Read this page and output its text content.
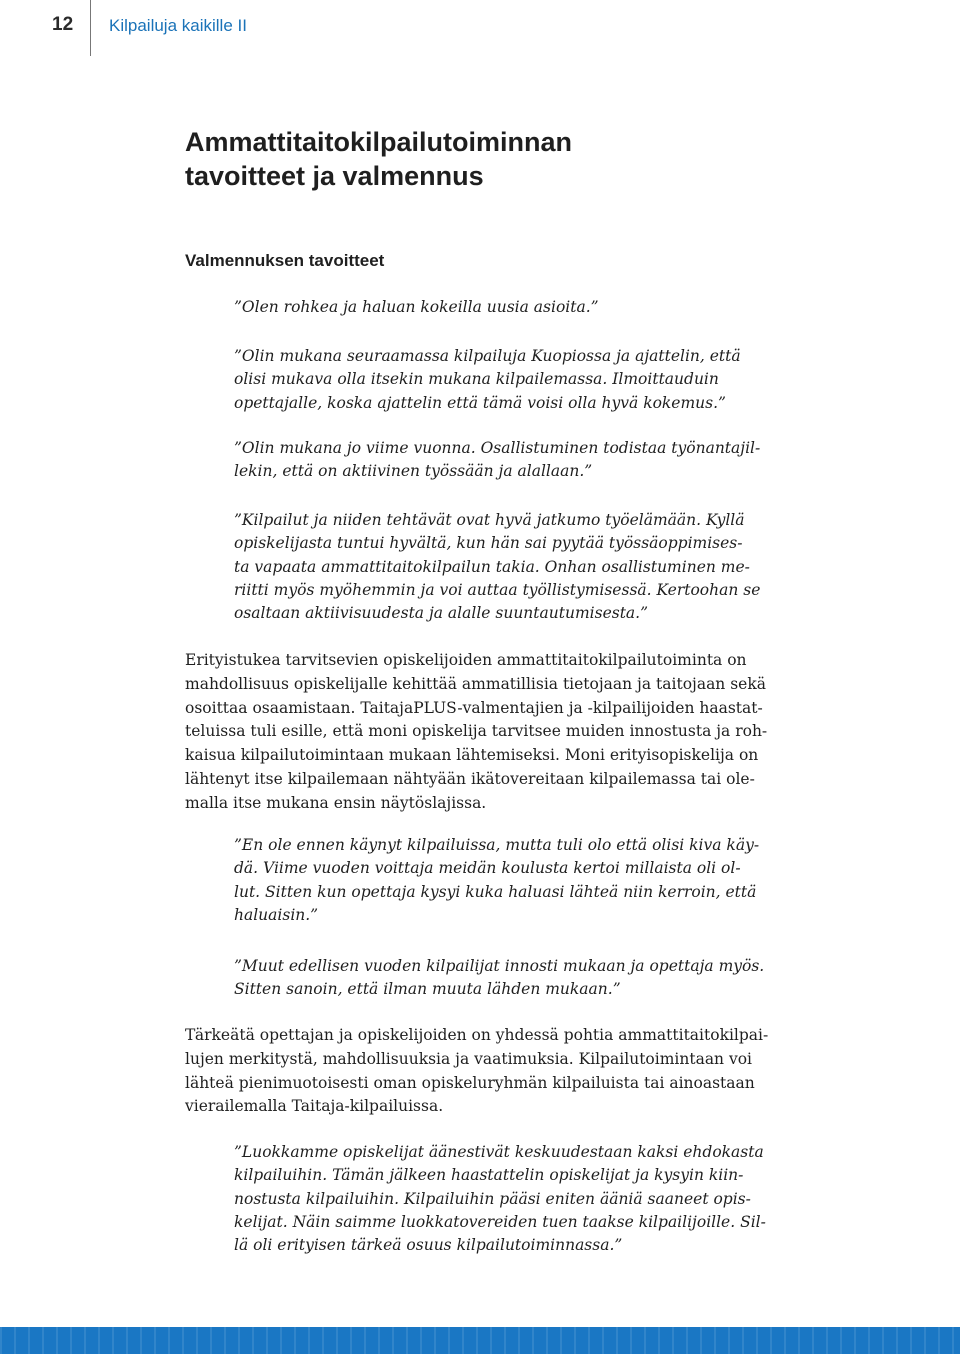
12 Kilpailuja kaikille II
Ammattitaitokilpailutoiminnan
tavoitteet ja valmennus
Valmennuksen tavoitteet
”Olen rohkea ja haluan kokeilla uusia asioita.”
”Olin mukana seuraamassa kilpailuja Kuopiossa ja ajattelin, että
olisi mukava olla itsekin mukana kilpailemassa. Ilmoittauduin
opettajalle, koska ajattelin että tämä voisi olla hyvä kokemus.”
”Olin mukana jo viime vuonna. Osallistuminen todistaa työnantajil-
lekin, että on aktiivinen työssään ja alallaan.”
”Kilpailut ja niiden tehtävät ovat hyvä jatkumo työelämään. Kyllä
opiskelijasta tuntui hyvältä, kun hän sai pyytää työssäoppimises-
ta vapaata ammattitaitokilpailun takia. Onhan osallistuminen me-
riitti myös myöhemmin ja voi auttaa työllistymisessä. Kertoohan se
osaltaan aktiivisuudesta ja alalle suuntautumisesta.”
Erityistukea tarvitsevien opiskelijoiden ammattitaitokilpailutoiminta on
mahdollisuus opiskelijalle kehittää ammatillisia tietojaan ja taitojaan sekä
osoittaa osaamistaan. TaitajaPLUS-valmentajien ja -kilpailijoiden haastat-
teluissa tuli esille, että moni opiskelija tarvitsee muiden innostusta ja roh-
kaisua kilpailutoimintaan mukaan lähtemiseksi. Moni erityisopiskelija on
lähtenyt itse kilpailemaan nähtyään ikätovereitaan kilpailemassa tai ole-
malla itse mukana ensin näytöslajissa.
”En ole ennen käynyt kilpailuissa, mutta tuli olo että olisi kiva käy-
dä. Viime vuoden voittaja meidän koulusta kertoi millaista oli ol-
lut. Sitten kun opettaja kysyi kuka haluasi lähteä niin kerroin, että
haluaisin.”
”Muut edellisen vuoden kilpailijat innosti mukaan ja opettaja myös.
Sitten sanoin, että ilman muuta lähden mukaan.”
Tärkeätä opettajan ja opiskelijoiden on yhdessä pohtia ammattitaitokilpai-
lujen merkitystä, mahdollisuuksia ja vaatimuksia. Kilpailutoimintaan voi
lähteä pienimuotoisesti oman opiskeluryhmän kilpailuista tai ainoastaan
vierailemalla Taitaja-kilpailuissa.
”Luokkamme opiskelijat äänestivät keskuudestaan kaksi ehdokasta
kilpailuihin. Tämän jälkeen haastattelin opiskelijat ja kysyin kiin-
nostusta kilpailuihin. Kilpailuihin pääsi eniten ääniä saaneet opis-
kelijat. Näin saimme luokkatovereiden tuen taakse kilpailijoille. Sil-
lä oli erityisen tärkeä osuus kilpailutoiminnassa.”
